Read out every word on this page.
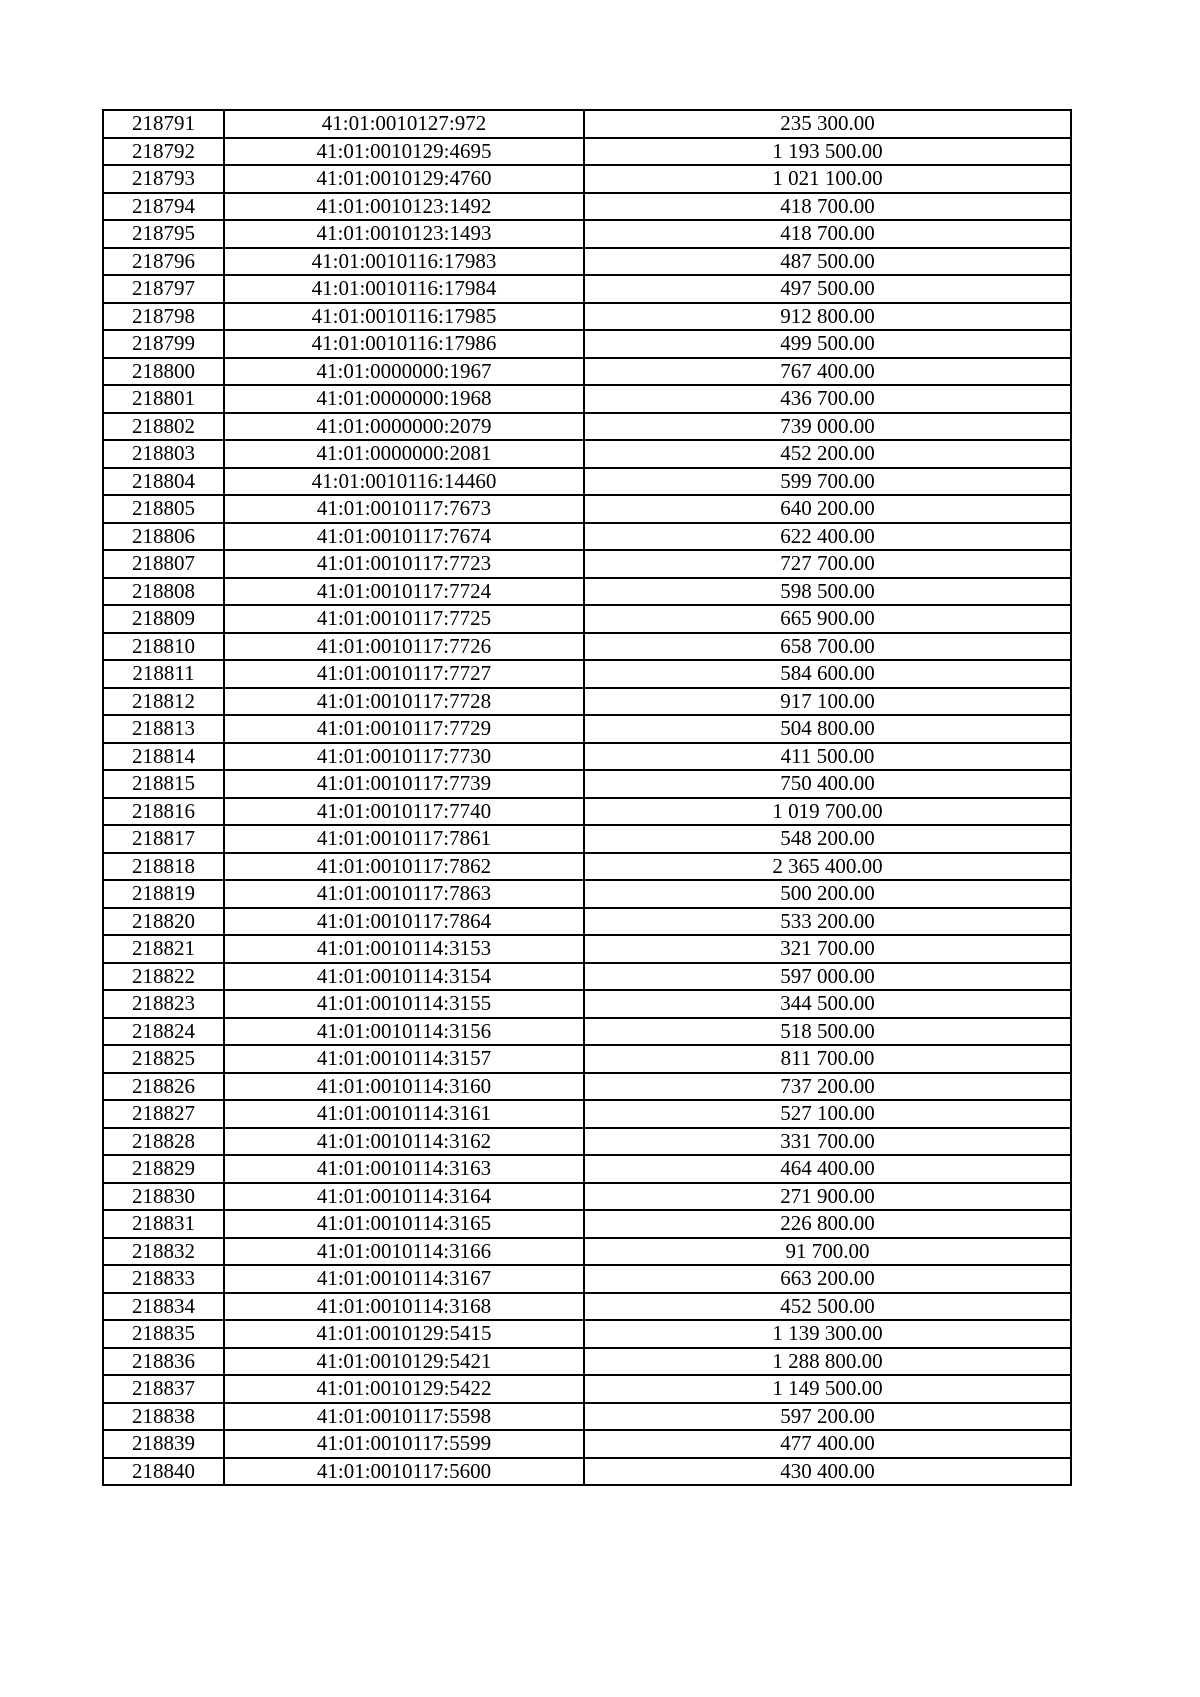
218791	41:01:0010127:972	235 300.00
218792	41:01:0010129:4695	1 193 500.00
218793	41:01:0010129:4760	1 021 100.00
218794	41:01:0010123:1492	418 700.00
218795	41:01:0010123:1493	418 700.00
218796	41:01:0010116:17983	487 500.00
218797	41:01:0010116:17984	497 500.00
218798	41:01:0010116:17985	912 800.00
218799	41:01:0010116:17986	499 500.00
218800	41:01:0000000:1967	767 400.00
218801	41:01:0000000:1968	436 700.00
218802	41:01:0000000:2079	739 000.00
218803	41:01:0000000:2081	452 200.00
218804	41:01:0010116:14460	599 700.00
218805	41:01:0010117:7673	640 200.00
218806	41:01:0010117:7674	622 400.00
218807	41:01:0010117:7723	727 700.00
218808	41:01:0010117:7724	598 500.00
218809	41:01:0010117:7725	665 900.00
218810	41:01:0010117:7726	658 700.00
218811	41:01:0010117:7727	584 600.00
218812	41:01:0010117:7728	917 100.00
218813	41:01:0010117:7729	504 800.00
218814	41:01:0010117:7730	411 500.00
218815	41:01:0010117:7739	750 400.00
218816	41:01:0010117:7740	1 019 700.00
218817	41:01:0010117:7861	548 200.00
218818	41:01:0010117:7862	2 365 400.00
218819	41:01:0010117:7863	500 200.00
218820	41:01:0010117:7864	533 200.00
218821	41:01:0010114:3153	321 700.00
218822	41:01:0010114:3154	597 000.00
218823	41:01:0010114:3155	344 500.00
218824	41:01:0010114:3156	518 500.00
218825	41:01:0010114:3157	811 700.00
218826	41:01:0010114:3160	737 200.00
218827	41:01:0010114:3161	527 100.00
218828	41:01:0010114:3162	331 700.00
218829	41:01:0010114:3163	464 400.00
218830	41:01:0010114:3164	271 900.00
218831	41:01:0010114:3165	226 800.00
218832	41:01:0010114:3166	91 700.00
218833	41:01:0010114:3167	663 200.00
218834	41:01:0010114:3168	452 500.00
218835	41:01:0010129:5415	1 139 300.00
218836	41:01:0010129:5421	1 288 800.00
218837	41:01:0010129:5422	1 149 500.00
218838	41:01:0010117:5598	597 200.00
218839	41:01:0010117:5599	477 400.00
218840	41:01:0010117:5600	430 400.00
